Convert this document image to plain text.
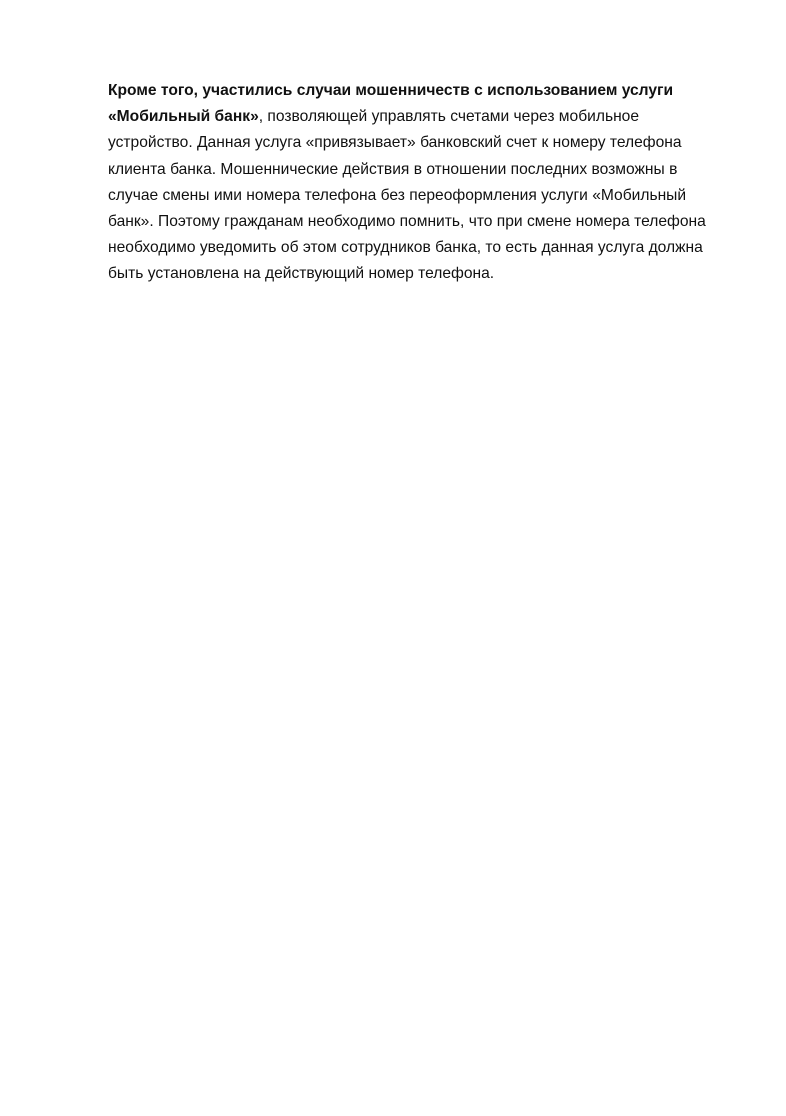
Кроме того, участились случаи мошенничеств с использованием услуги
«Мобильный банк», позволяющей управлять счетами через мобильное
устройство. Данная услуга «привязывает» банковский счет к номеру телефона
клиента банка. Мошеннические действия в отношении последних возможны в
случае смены ими номера телефона без переоформления услуги «Мобильный
банк». Поэтому гражданам необходимо помнить, что при смене номера телефона
необходимо уведомить об этом сотрудников банка, то есть данная услуга должна
быть установлена на действующий номер телефона.
